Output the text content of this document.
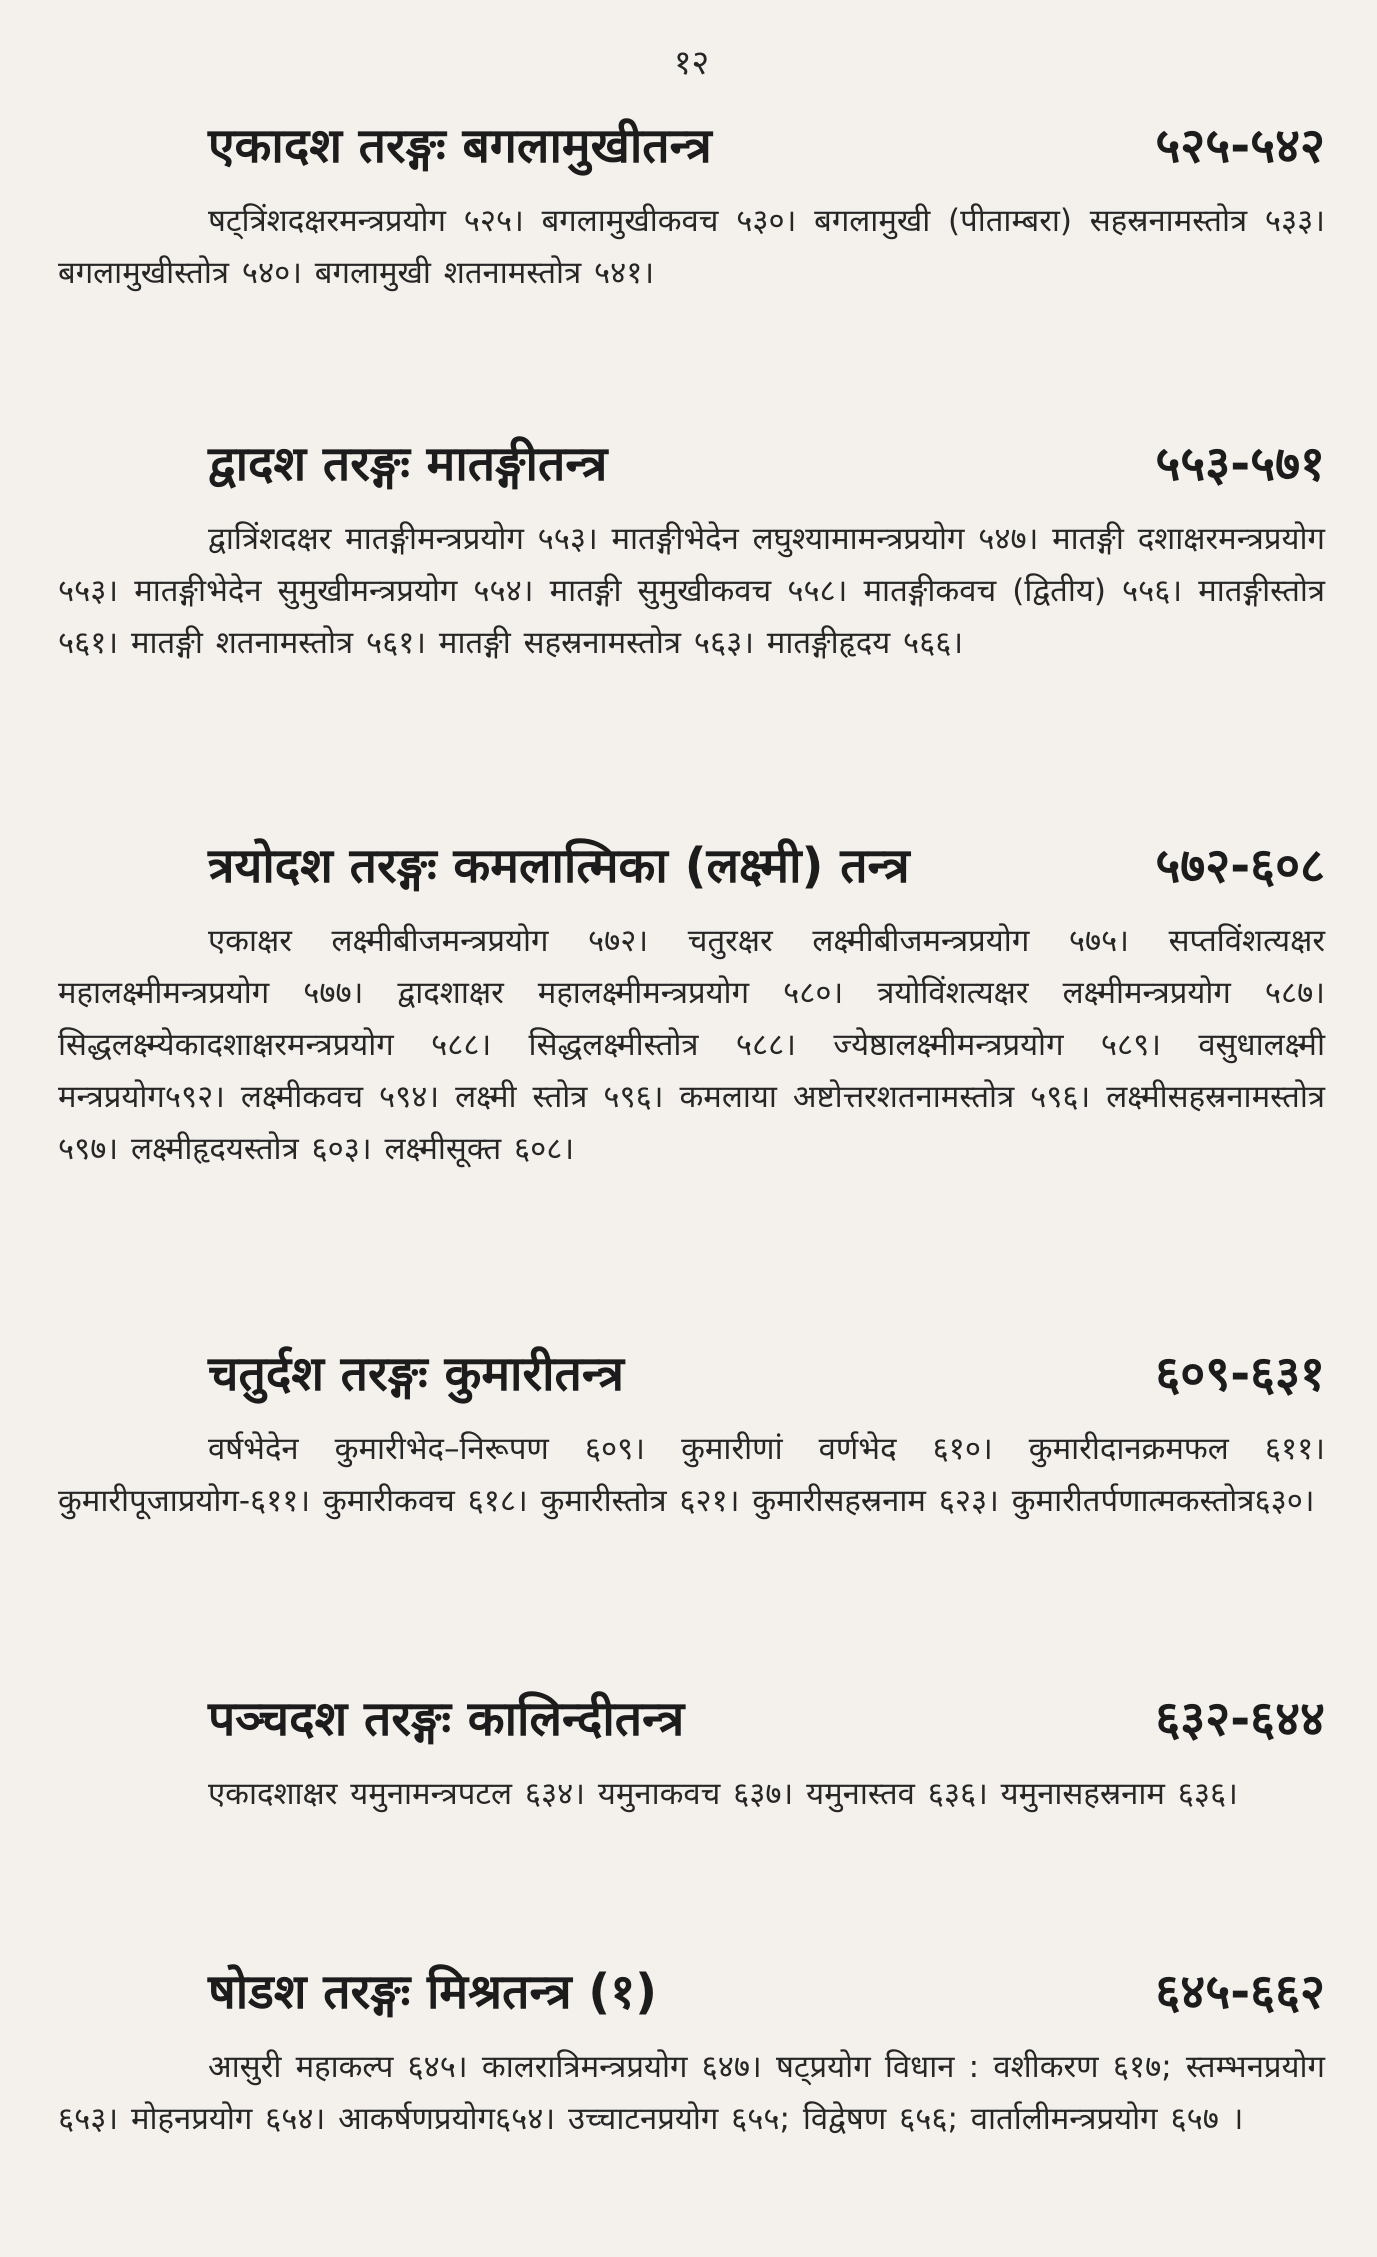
१२
एकादश तरङ्गः बगलामुखीतन्त्र	५२५-५४२
षट्त्रिंशदक्षरमन्त्रप्रयोग ५२५। बगलामुखीकवच ५३०। बगलामुखी (पीताम्बरा) सहस्रनामस्तोत्र ५३३। बगलामुखीस्तोत्र ५४०। बगलामुखी शतनामस्तोत्र ५४१।
द्वादश तरङ्गः मातङ्गीतन्त्र	५५३-५७१
द्वात्रिंशदक्षर मातङ्गीमन्त्रप्रयोग ५५३। मातङ्गीभेदेन लघुश्यामामन्त्रप्रयोग ५४७। मातङ्गी दशाक्षरमन्त्रप्रयोग ५५३। मातङ्गीभेदेन सुमुखीमन्त्रप्रयोग ५५४। मातङ्गी सुमुखीकवच ५५८। मातङ्गीकवच (द्वितीय) ५५६। मातङ्गीस्तोत्र ५६१। मातङ्गी शतनामस्तोत्र ५६१। मातङ्गी सहस्रनामस्तोत्र ५६३। मातङ्गीहृदय ५६६।
त्रयोदश तरङ्गः कमलात्मिका (लक्ष्मी) तन्त्र	५७२-६०८
एकाक्षर लक्ष्मीबीजमन्त्रप्रयोग ५७२। चतुरक्षर लक्ष्मीबीजमन्त्रप्रयोग ५७५। सप्तविंशत्यक्षर महालक्ष्मीमन्त्रप्रयोग ५७७। द्वादशाक्षर महालक्ष्मीमन्त्रप्रयोग ५८०। त्रयोविंशत्यक्षर लक्ष्मीमन्त्रप्रयोग ५८७। सिद्धलक्ष्म्येकादशाक्षरमन्त्रप्रयोग ५८८। सिद्धलक्ष्मीस्तोत्र ५८८। ज्येष्ठालक्ष्मीमन्त्रप्रयोग ५८९। वसुधालक्ष्मी मन्त्रप्रयोग५९२। लक्ष्मीकवच ५९४। लक्ष्मी स्तोत्र ५९६। कमलाया अष्टोत्तरशतनामस्तोत्र ५९६। लक्ष्मीसहस्रनामस्तोत्र ५९७। लक्ष्मीहृदयस्तोत्र ६०३। लक्ष्मीसूक्त ६०८।
चतुर्दश तरङ्गः कुमारीतन्त्र	६०९-६३१
वर्षभेदेन कुमारीभेद–निरूपण ६०९। कुमारीणां वर्णभेद ६१०। कुमारीदानक्रमफल ६११। कुमारीपूजाप्रयोग-६११। कुमारीकवच ६१८। कुमारीस्तोत्र ६२१। कुमारीसहस्रनाम ६२३। कुमारीतर्पणात्मकस्तोत्र६३०।
पञ्चदश तरङ्गः कालिन्दीतन्त्र	६३२-६४४
एकादशाक्षर यमुनामन्त्रपटल ६३४। यमुनाकवच ६३७। यमुनास्तव ६३६। यमुनासहस्रनाम ६३६।
षोडश तरङ्गः मिश्रतन्त्र (१)	६४५-६६२
आसुरी महाकल्प ६४५। कालरात्रिमन्त्रप्रयोग ६४७। षट्प्रयोग विधान : वशीकरण ६१७; स्तम्भनप्रयोग ६५३। मोहनप्रयोग ६५४। आकर्षणप्रयोग६५४। उच्चाटनप्रयोग ६५५; विद्वेषण ६५६; वार्तालीमन्त्रप्रयोग ६५७ ।
